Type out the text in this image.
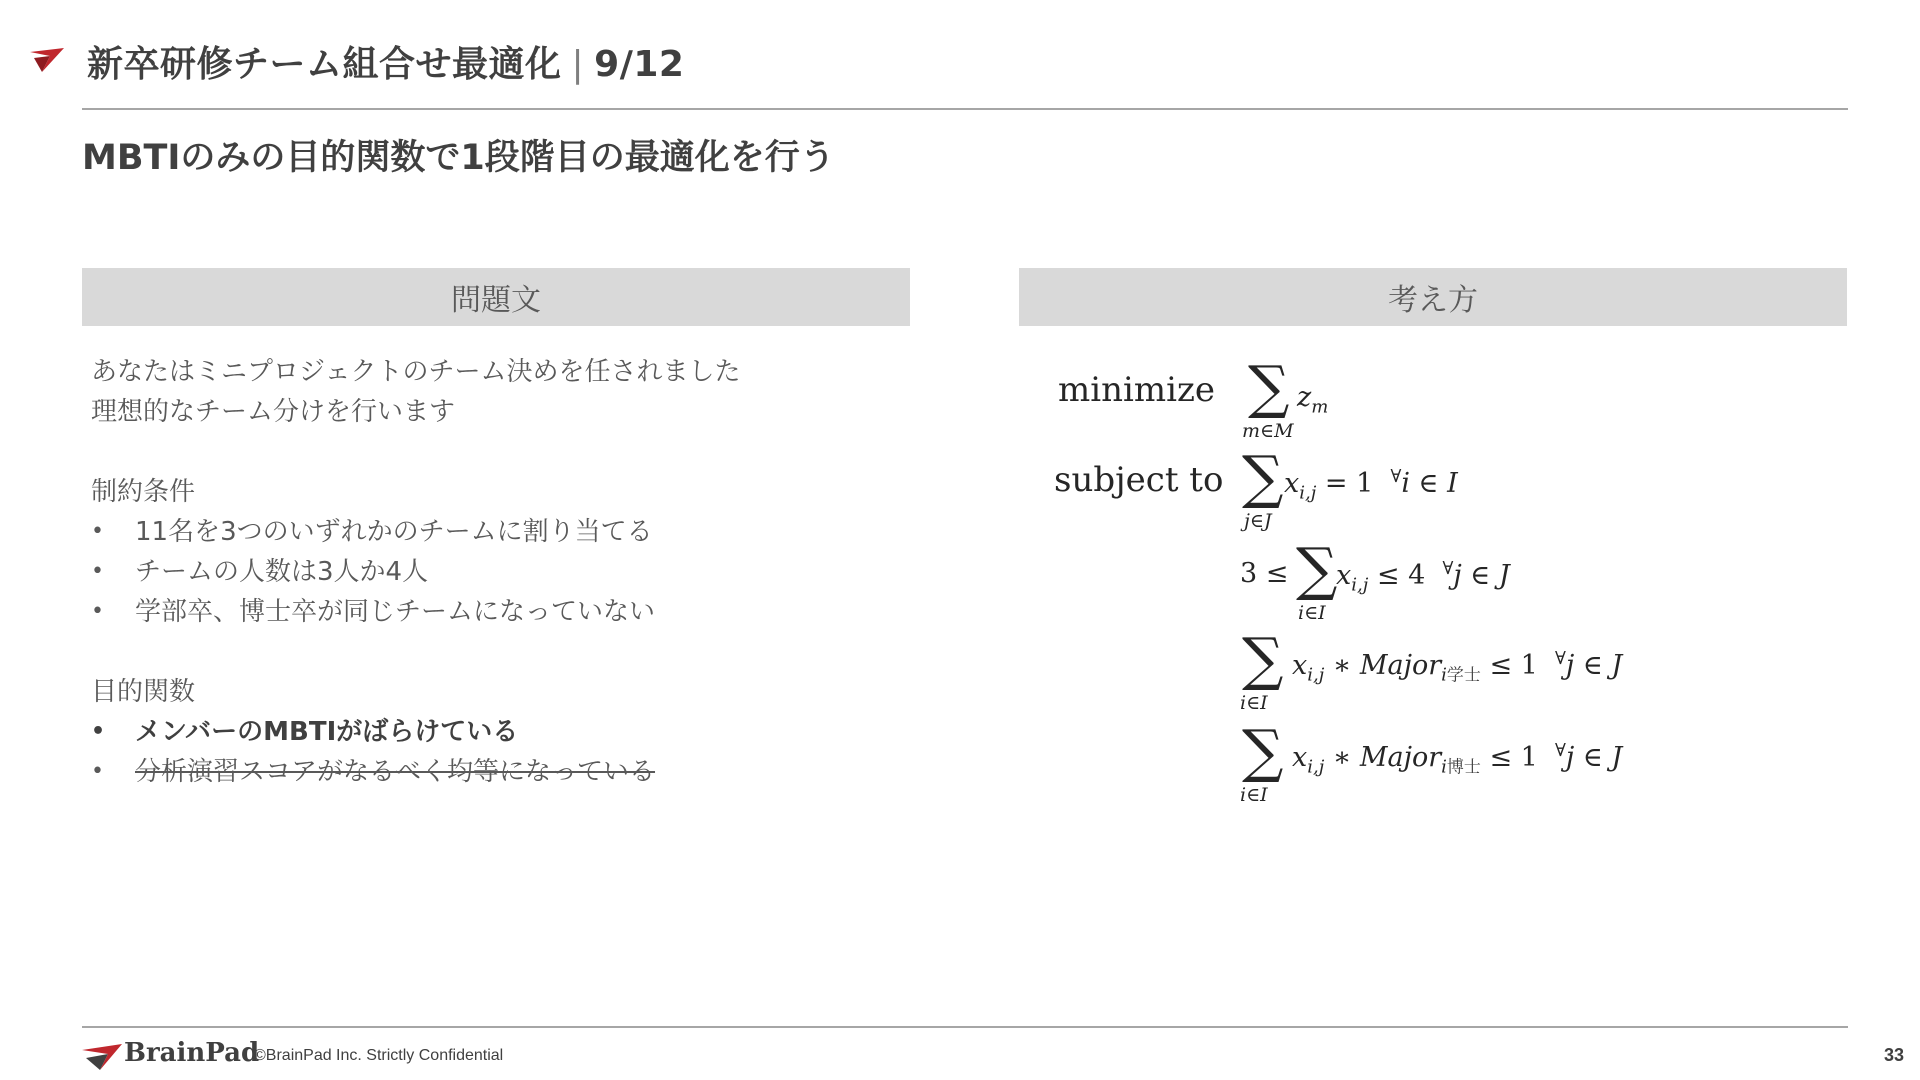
新卒研修チーム組合せ最適化 | 9/12
MBTIのみの目的関数で1段階目の最適化を行う
問題文

あなたはミニプロジェクトのチーム決めを任されました

理想的なチーム分けを行います

制約条件

• 11名を3つのいずれかのチームに割り当てる
• チームの人数は3人か4人
• 学部卒、博士卒が同じチームになっていない

目的関数

• メンバーのMBTIがばらけている
• 分析演習スコアがなるべく均等になっている
考え方
minimize ∑
m∈M
$z_m$
subject to ∑
j∈J
$x_{i,j} = 1$ ∀i ∈ I
3 ≤ ∑
i∈I
$x_{i,j} \le 4$ ∀j ∈ J
∑
i∈I
$x_{i,j}$ ∗ Major$_{i学士}$ ≤ 1 ∀j ∈ J
∑
i∈I
$x_{i,j}$ ∗ Major$_{i博士}$ ≤ 1 ∀j ∈ J
BrainPad
©BrainPad Inc. Strictly Confidential	33
